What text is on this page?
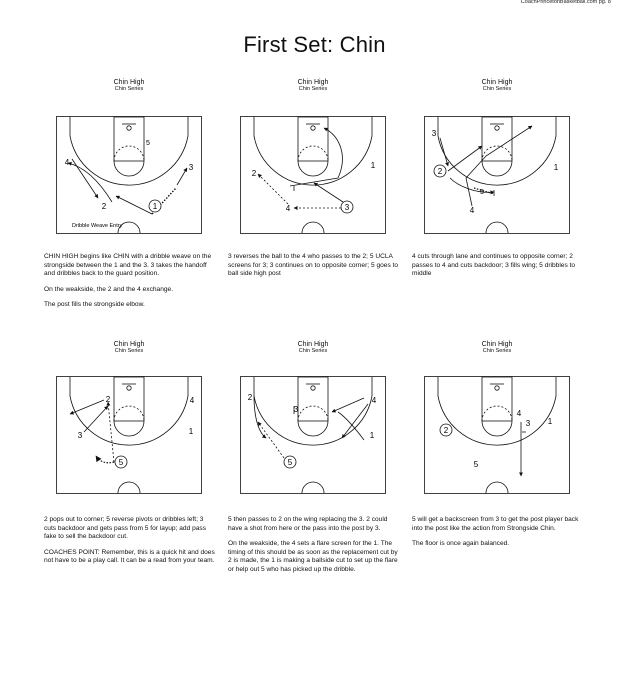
CoachPrincetonBasketball.com pg. 8
First Set: Chin
Chin High
Chin Series
Chin High
Chin Series
Chin High
Chin Series
1
2
3
4
5
Dribble Weave Entry
3
4
2
1
2
3
4
1
5

CHIN HIGH begins like CHIN with a dribble weave on the strongside between the 1 and the 3. 3 takes the handoff and dribbles back to the guard position.

On the weakside, the 2 and the 4 exchange.

The post fills the strongside elbow.

3 reverses the ball to the 4 who passes to the 2; 5 UCLA screens for 3; 3 continues on to opposite corner; 5 goes to ball side high post

4 cuts through lane and continues to opposite corner; 2 passes to 4 and cuts backdoor; 3 fills wing; 5 dribbles to middle

Chin High
Chin Series
Chin High
Chin Series
Chin High
Chin Series
5
2
3
4
1
5
2
3
4
1
2
4
3 1
5

2 pops out to corner; 5 reverse pivots or dribbles left; 3 cuts backdoor and gets pass from 5 for layup; add pass fake to sell the backdoor cut.

COACHES POINT: Remember, this is a quick hit and does not have to be a play call. It can be a read from your team.

5 then passes to 2 on the wing replacing the 3. 2 could have a shot from here or the pass into the post by 3.

On the weakside, the 4 sets a flare screen for the 1. The timing of this should be as soon as the replacement cut by 2 is made, the 1 is making a ballside cut to set up the flare or help out 5 who has picked up the dribble.

5 will get a backscreen from 3 to get the post player back into the post like the action from Strongside Chin.

The floor is once again balanced.
